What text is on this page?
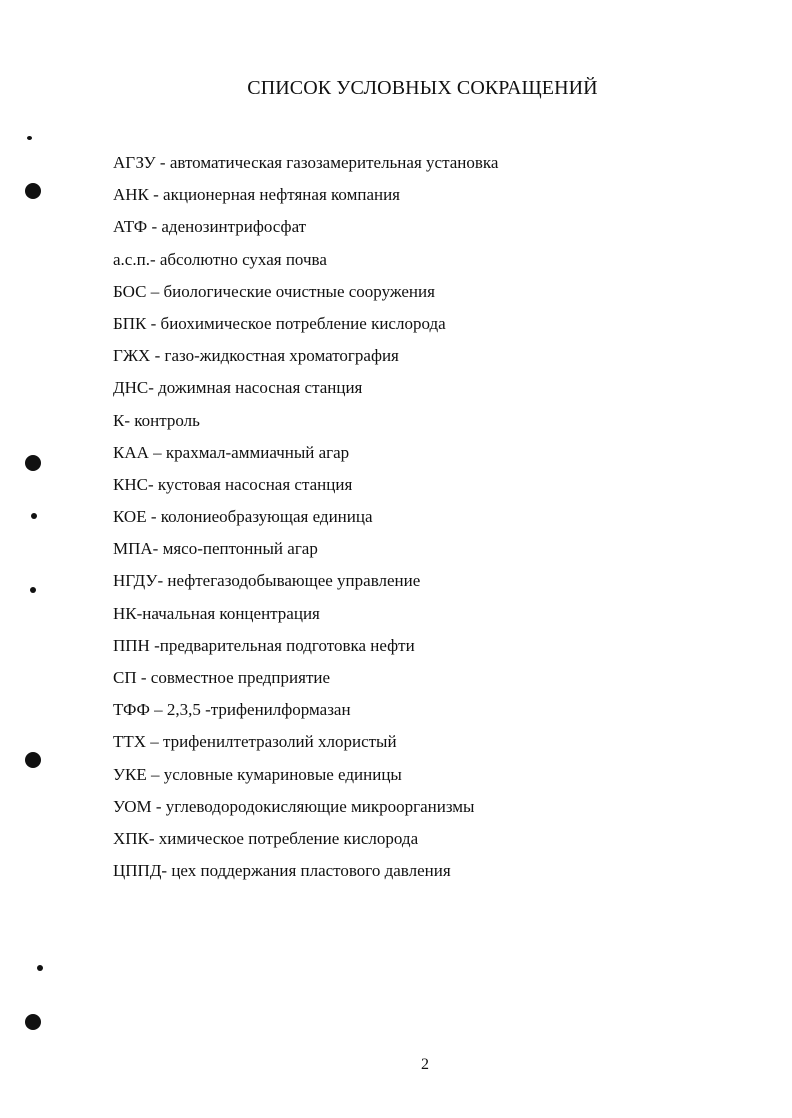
СПИСОК УСЛОВНЫХ СОКРАЩЕНИЙ
АГЗУ - автоматическая газозамерительная установка
АНК - акционерная нефтяная компания
АТФ - аденозинтрифосфат
а.с.п.- абсолютно сухая почва
БОС – биологические очистные сооружения
БПК - биохимическое потребление кислорода
ГЖХ - газо-жидкостная хроматография
ДНС- дожимная насосная станция
К- контроль
КАА – крахмал-аммиачный агар
КНС- кустовая насосная станция
КОЕ - колониеобразующая единица
МПА- мясо-пептонный агар
НГДУ- нефтегазодобывающее управление
НК-начальная концентрация
ППН -предварительная подготовка нефти
СП - совместное предприятие
ТФФ – 2,3,5 -трифенилформазан
ТТХ – трифенилтетразолий хлористый
УКЕ – условные кумариновые единицы
УОМ - углеводородокисляющие микроорганизмы
ХПК- химическое потребление кислорода
ЦППД- цех поддержания пластового давления
2
